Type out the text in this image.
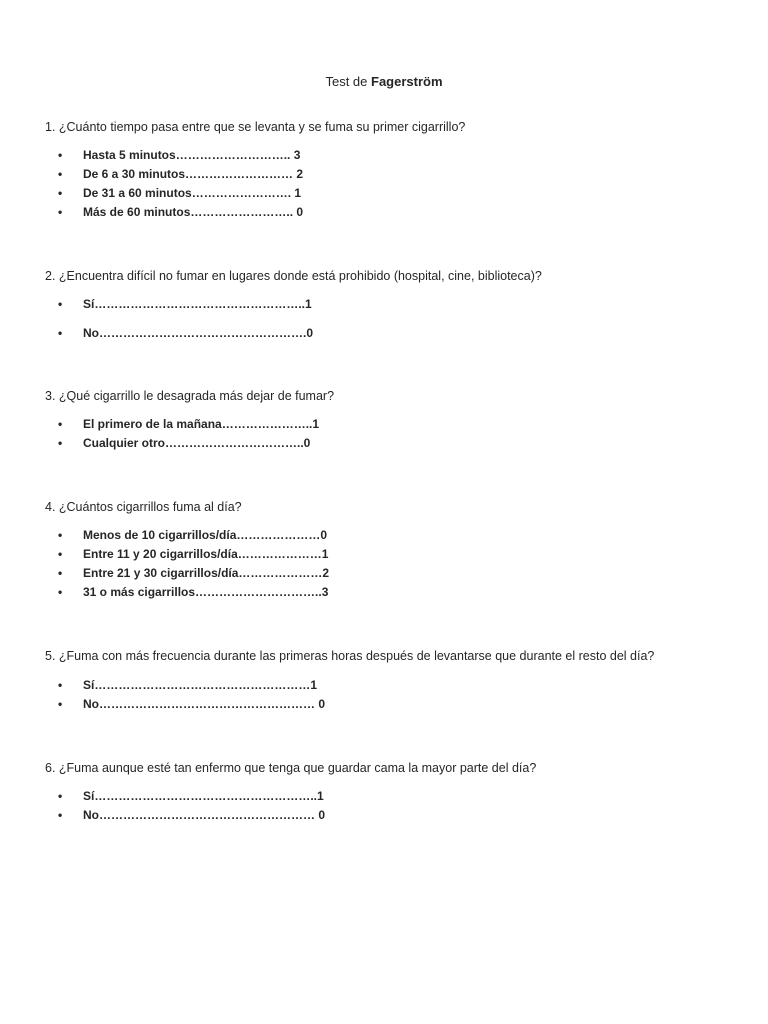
Test de Fagerström
1. ¿Cuánto tiempo pasa entre que se levanta y se fuma su primer cigarrillo?
• Hasta 5 minutos……………………….. 3
• De 6 a 30 minutos……………………… 2
• De 31 a 60 minutos……………………. 1
• Más de 60 minutos…………………….. 0
2. ¿Encuentra difícil no fumar en lugares donde está prohibido (hospital, cine, biblioteca)?
• Sí……………………………………………..1
• No…………………………………………….0
3. ¿Qué cigarrillo le desagrada más dejar de fumar?
• El primero de la mañana…………………..1
• Cualquier otro……………………………..0
4. ¿Cuántos cigarrillos fuma al día?
• Menos de 10 cigarrillos/día…………………0
• Entre 11 y 20 cigarrillos/día…………………1
• Entre 21 y 30 cigarrillos/día…………………2
• 31 o más cigarrillos…………………………..3
5. ¿Fuma con más frecuencia durante las primeras horas después de levantarse que durante el resto del día?
• Sí………………………………………………1
• No……………………………………………… 0
6. ¿Fuma aunque esté tan enfermo que tenga que guardar cama la mayor parte del día?
• Sí………………………………………………..1
• No……………………………………………… 0
